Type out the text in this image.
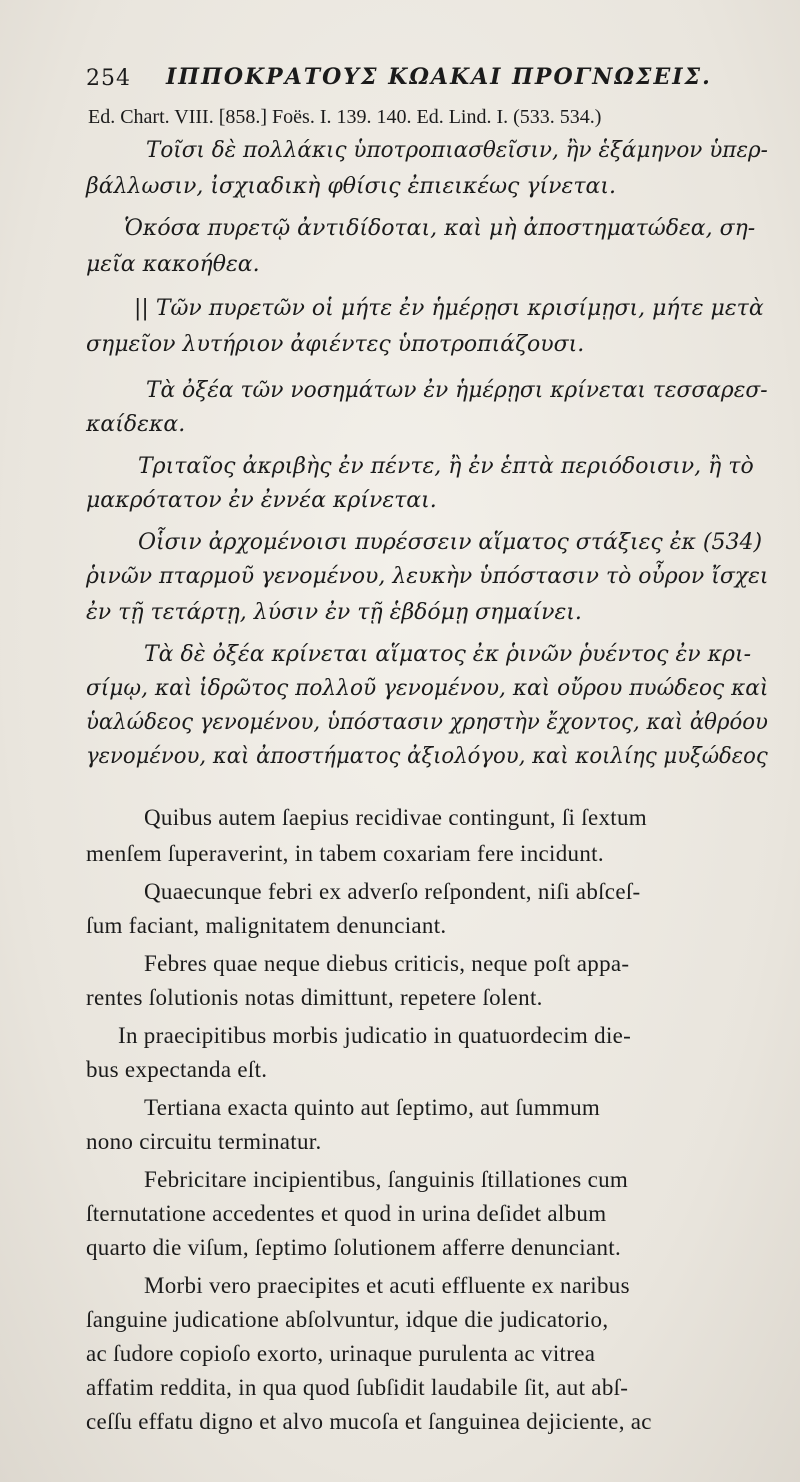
254 ΙΠΠΟΚΡΑΤΟΥΣ ΚΩΑΚΑΙ ΠΡΟΓΝΩΣΕΙΣ.
Ed. Chart. VIII. [858.] Foës. I. 139. 140. Ed. Lind. I. (533. 534.)
Τοῖσι δὲ πολλάκις ὑποτροπιασθεῖσιν, ἢν ἑξάμηνον ὑπερ-
βάλλωσιν, ἰσχιαδικὴ φθίσις ἐπιεικέως γίνεται.
Ὁκόσα πυρετῷ ἀντιδίδοται, καὶ μὴ ἀποστηματώδεα, ση-
μεῖα κακοήθεα.
|| Τῶν πυρετῶν οἱ μήτε ἐν ἡμέρῃσι κρισίμῃσι, μήτε μετὰ
σημεῖον λυτήριον ἀφιέντες ὑποτροπιάζουσι.
Τὰ ὀξέα τῶν νοσημάτων ἐν ἡμέρῃσι κρίνεται τεσσαρεσ-
καίδεκα.
Τριταῖος ἀκριβὴς ἐν πέντε, ἢ ἐν ἑπτὰ περιόδοισιν, ἢ τὸ
μακρότατον ἐν ἐννέα κρίνεται.
Οἷσιν ἀρχομένοισι πυρέσσειν αἵματος στάξιες ἐκ (534)
ῥινῶν πταρμοῦ γενομένου, λευκὴν ὑπόστασιν τὸ οὖρον ἴσχει
ἐν τῇ τετάρτῃ, λύσιν ἐν τῇ ἑβδόμῃ σημαίνει.
Τὰ δὲ ὀξέα κρίνεται αἵματος ἐκ ῥινῶν ῥυέντος ἐν κρι-
σίμῳ, καὶ ἱδρῶτος πολλοῦ γενομένου, καὶ οὔρου πυώδεος καὶ
ὑαλώδεος γενομένου, ὑπόστασιν χρηστὴν ἔχοντος, καὶ ἀθρόου
γενομένου, καὶ ἀποστήματος ἀξιολόγου, καὶ κοιλίης μυξώδεος
Quibus autem ſaepius recidivae contingunt, ſi ſextum
menſem ſuperaverint, in tabem coxariam fere incidunt.
Quaecunque febri ex adverſo reſpondent, niſi abſceſ-
ſum faciant, malignitatem denunciant.
Febres quae neque diebus criticis, neque poſt appa-
rentes ſolutionis notas dimittunt, repetere ſolent.
In praecipitibus morbis judicatio in quatuordecim die-
bus expectanda eſt.
Tertiana exacta quinto aut ſeptimo, aut ſummum
nono circuitu terminatur.
Febricitare incipientibus, ſanguinis ſtillationes cum
ſternutatione accedentes et quod in urina deſidet album
quarto die viſum, ſeptimo ſolutionem afferre denunciant.
Morbi vero praecipites et acuti effluente ex naribus
ſanguine judicatione abſolvuntur, idque die judicatorio,
ac ſudore copioſo exorto, urinaque purulenta ac vitrea
affatim reddita, in qua quod ſubſidit laudabile ſit, aut abſ-
ceſſu effatu digno et alvo mucoſa et ſanguinea dejiciente, ac
